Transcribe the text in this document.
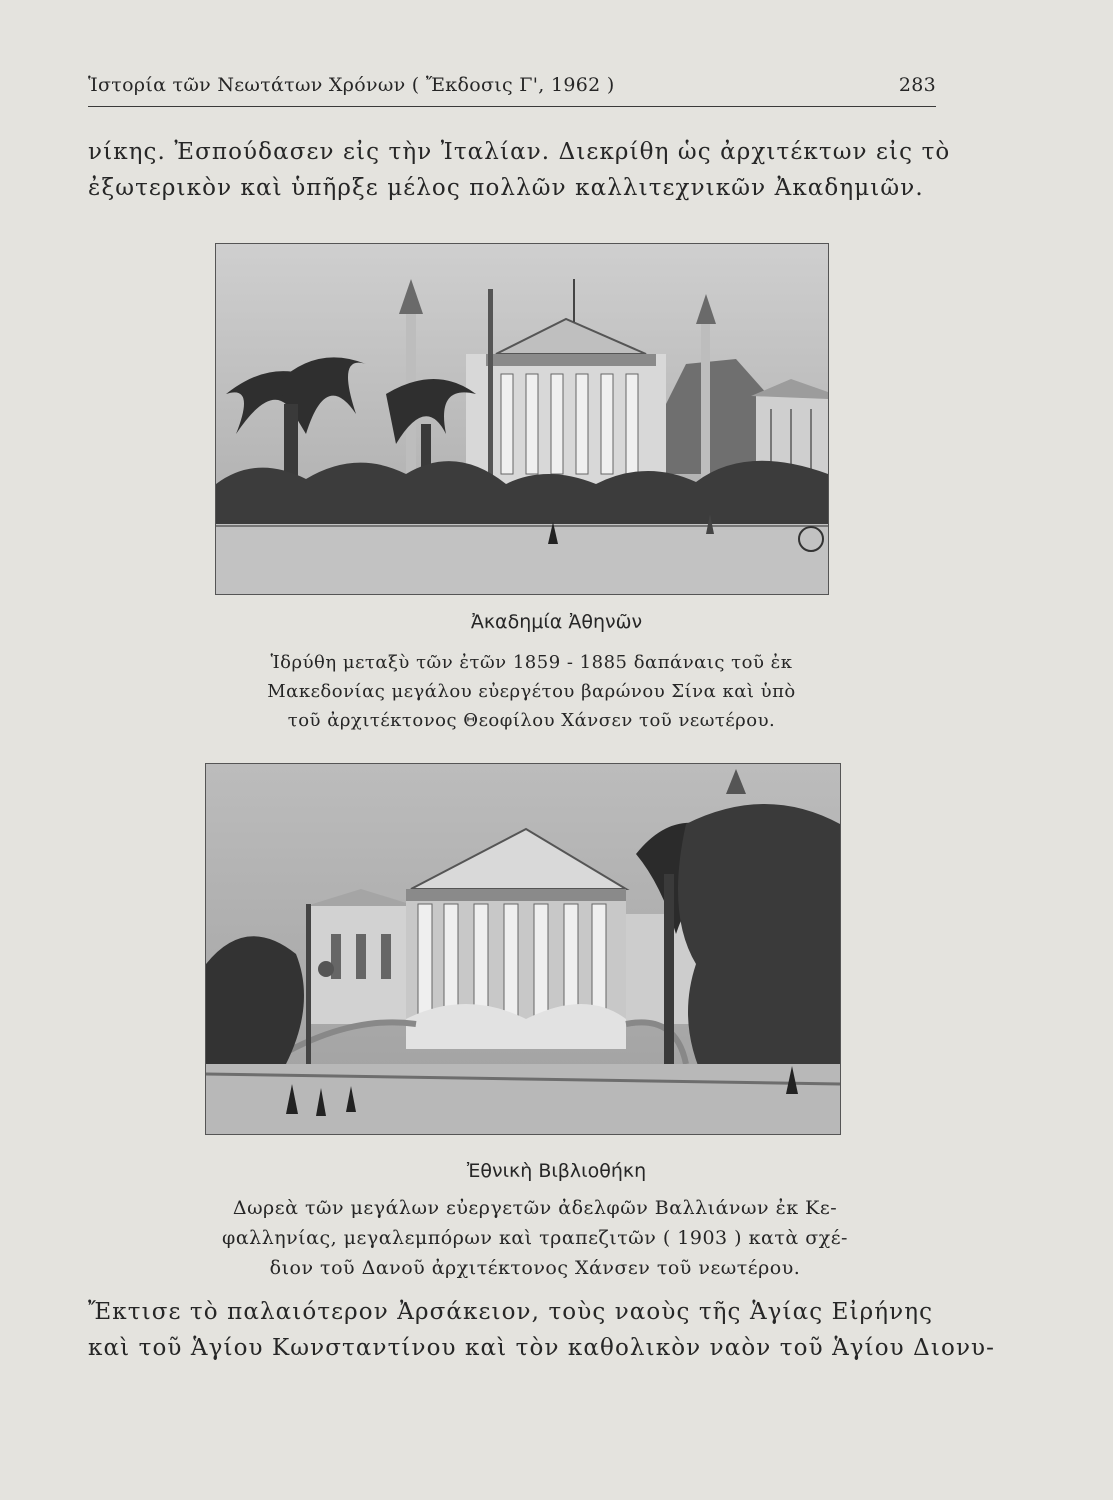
Ἱστορία τῶν Νεωτάτων Χρόνων ( Ἔκδοσις Γ', 1962 )	283

νίκης. Ἐσπούδασεν εἰς τὴν Ἰταλίαν. Διεκρίθη ὡς ἀρχιτέκτων εἰς τὸ
ἐξωτερικὸν καὶ ὑπῆρξε μέλος πολλῶν καλλιτεχνικῶν Ἀκαδημιῶν.

Ἀκαδημία Ἀθηνῶν
Ἱδρύθη μεταξὺ τῶν ἐτῶν 1859 - 1885 δαπάναις τοῦ ἐκ
Μακεδονίας μεγάλου εὐεργέτου βαρώνου Σίνα καὶ ὑπὸ
τοῦ ἀρχιτέκτονος Θεοφίλου Χάνσεν τοῦ νεωτέρου.
Ἐθνικὴ Βιβλιοθήκη
Δωρεὰ τῶν μεγάλων εὐεργετῶν ἀδελφῶν Βαλλιάνων ἐκ Κε-
φαλληνίας, μεγαλεμπόρων καὶ τραπεζιτῶν ( 1903 ) κατὰ σχέ-
διον τοῦ Δανοῦ ἀρχιτέκτονος Χάνσεν τοῦ νεωτέρου.

Ἔκτισε τὸ παλαιότερον Ἀρσάκειον, τοὺς ναοὺς τῆς Ἁγίας Εἰρήνης
καὶ τοῦ Ἁγίου Κωνσταντίνου καὶ τὸν καθολικὸν ναὸν τοῦ Ἁγίου Διονυ-
